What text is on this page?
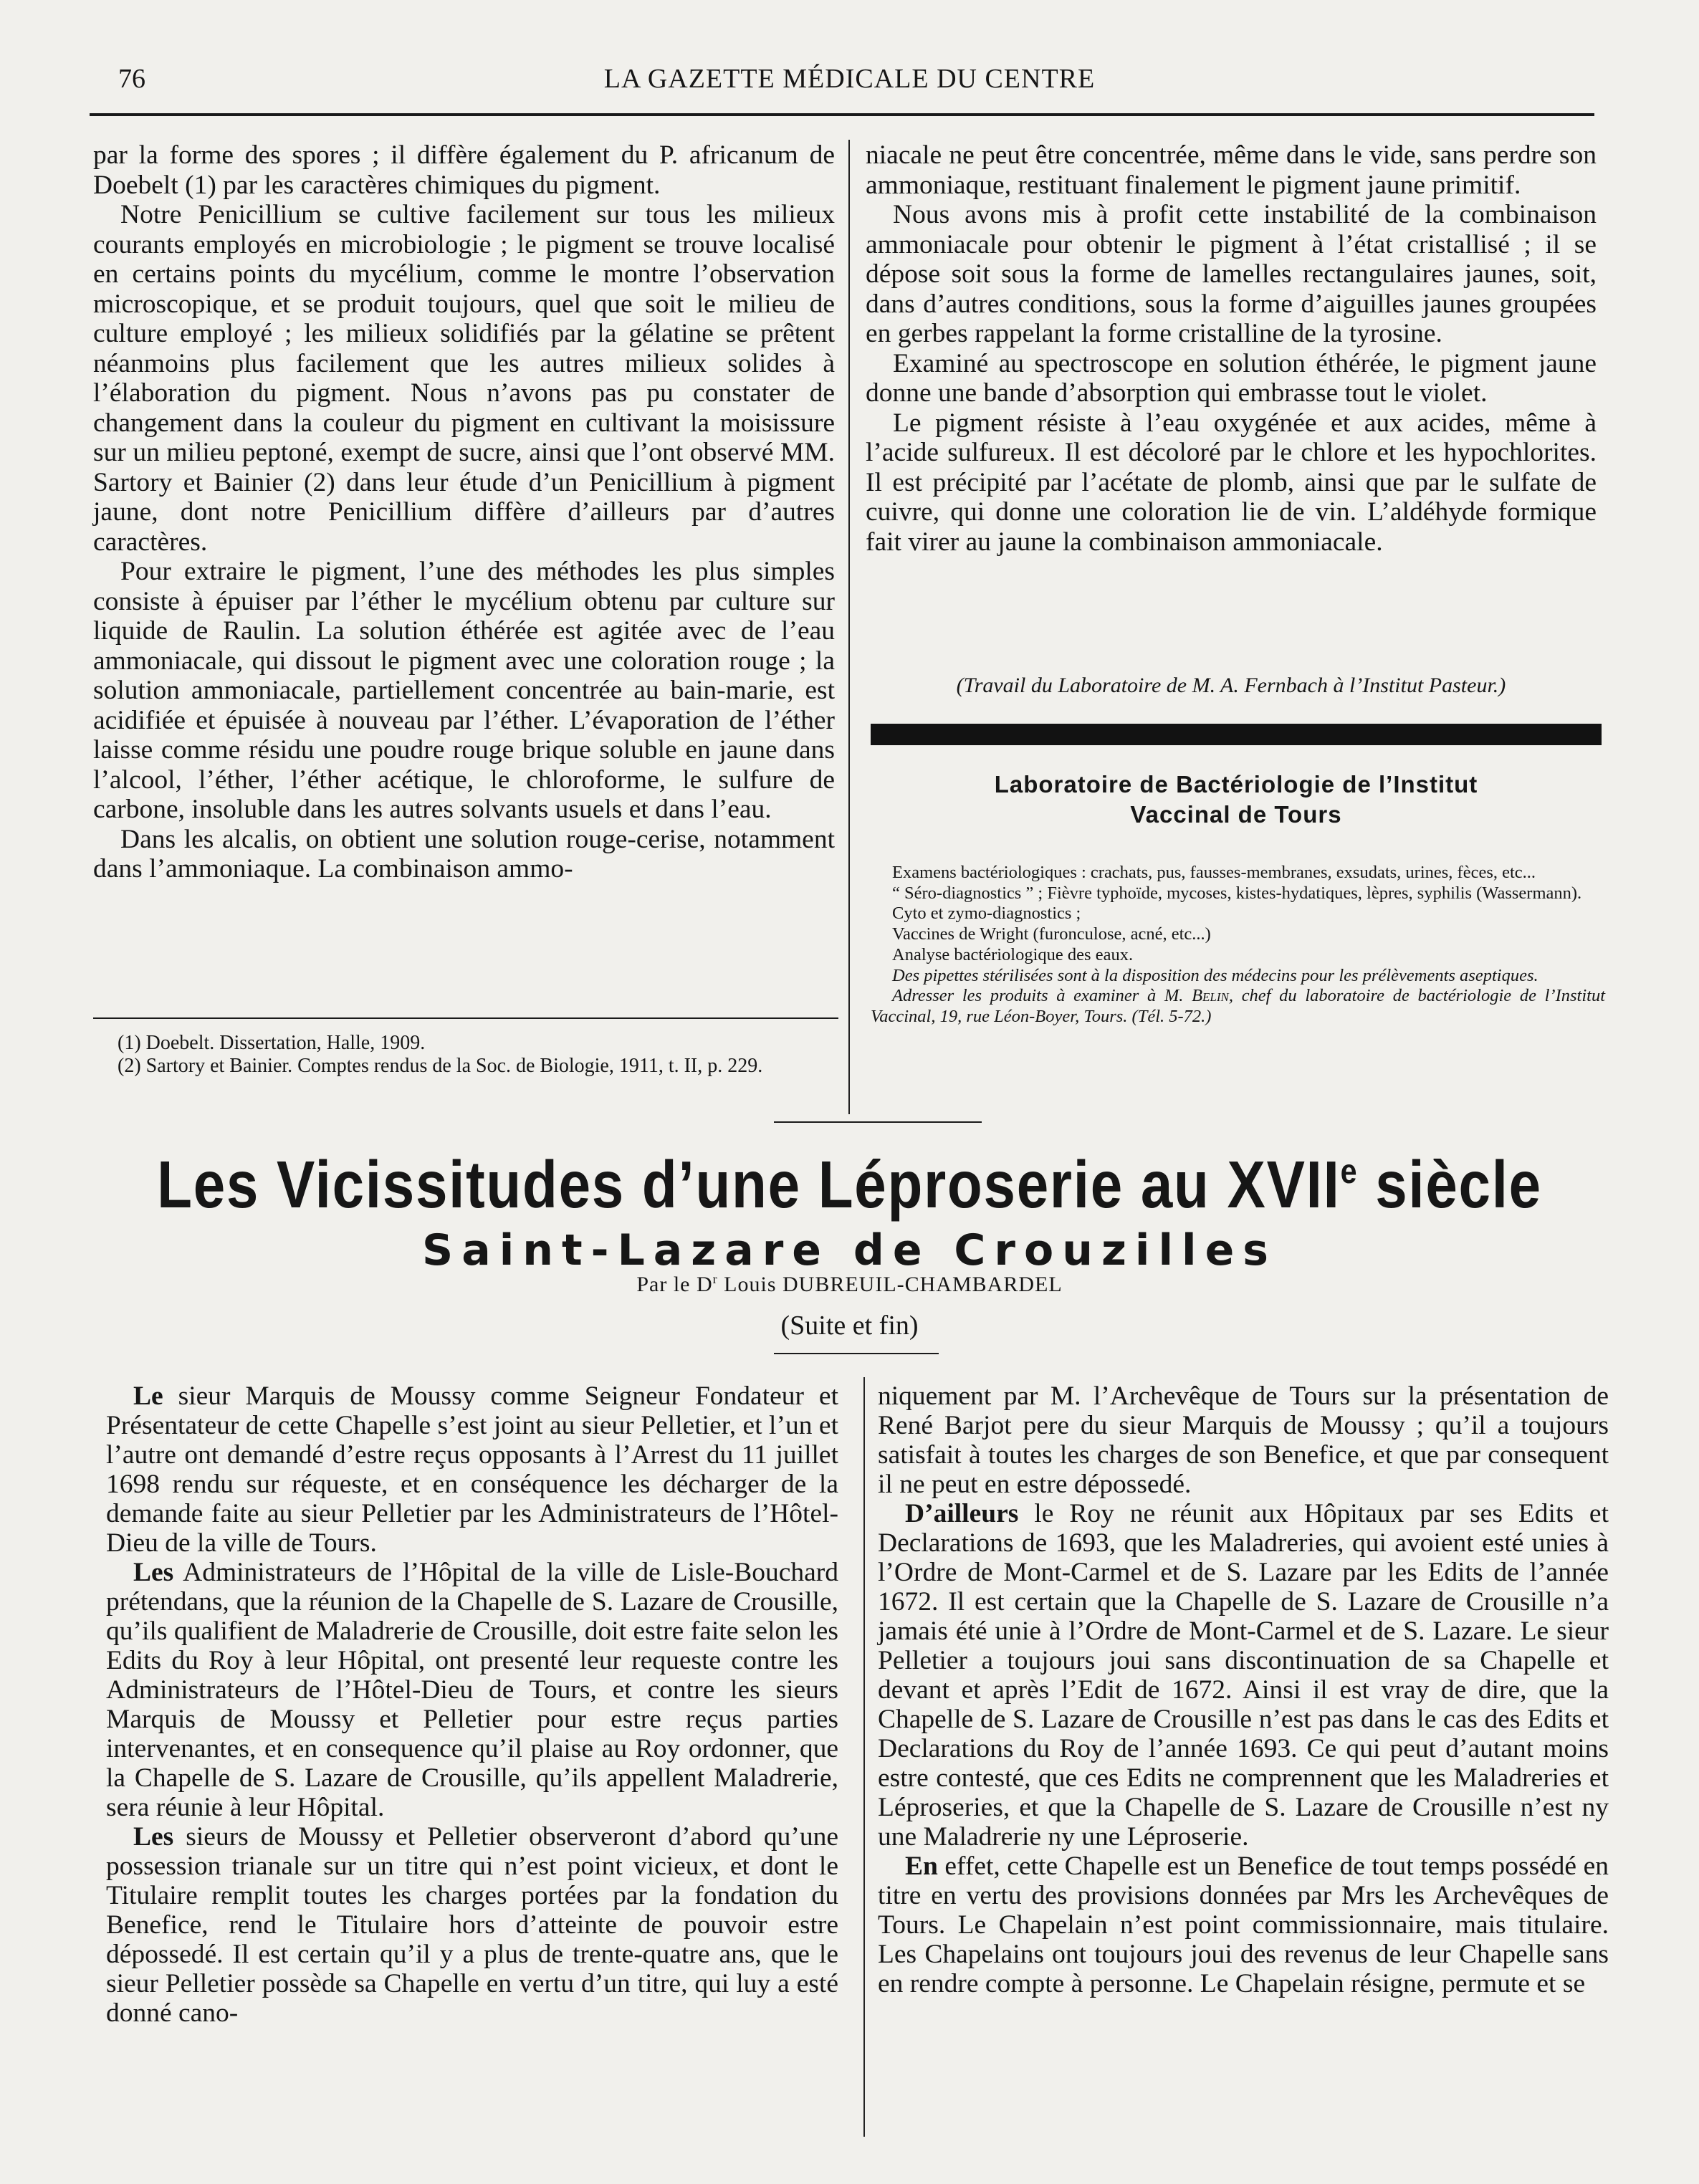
76	LA GAZETTE MÉDICALE DU CENTRE

par la forme des spores ; il diffère également du P. africanum de Doebelt (1) par les caractères chimiques du pigment.

Notre Penicillium se cultive facilement sur tous les milieux courants employés en microbiologie ; le pigment se trouve localisé en certains points du mycélium, comme le montre l’observation microscopique, et se produit toujours, quel que soit le milieu de culture employé ; les milieux solidifiés par la gélatine se prêtent néanmoins plus facilement que les autres milieux solides à l’élaboration du pigment. Nous n’avons pas pu constater de changement dans la couleur du pigment en cultivant la moisissure sur un milieu peptoné, exempt de sucre, ainsi que l’ont observé MM. Sartory et Bainier (2) dans leur étude d’un Penicillium à pigment jaune, dont notre Penicillium diffère d’ailleurs par d’autres caractères.

Pour extraire le pigment, l’une des méthodes les plus simples consiste à épuiser par l’éther le mycélium obtenu par culture sur liquide de Raulin. La solution éthérée est agitée avec de l’eau ammoniacale, qui dissout le pigment avec une coloration rouge ; la solution ammoniacale, partiellement concentrée au bain-marie, est acidifiée et épuisée à nouveau par l’éther. L’évaporation de l’éther laisse comme résidu une poudre rouge brique soluble en jaune dans l’alcool, l’éther, l’éther acétique, le chloroforme, le sulfure de carbone, insoluble dans les autres solvants usuels et dans l’eau.

Dans les alcalis, on obtient une solution rouge-cerise, notamment dans l’ammoniaque. La combinaison ammo-

niacale ne peut être concentrée, même dans le vide, sans perdre son ammoniaque, restituant finalement le pigment jaune primitif.

Nous avons mis à profit cette instabilité de la combinaison ammoniacale pour obtenir le pigment à l’état cristallisé ; il se dépose soit sous la forme de lamelles rectangulaires jaunes, soit, dans d’autres conditions, sous la forme d’aiguilles jaunes groupées en gerbes rappelant la forme cristalline de la tyrosine.

Examiné au spectroscope en solution éthérée, le pigment jaune donne une bande d’absorption qui embrasse tout le violet.

Le pigment résiste à l’eau oxygénée et aux acides, même à l’acide sulfureux. Il est décoloré par le chlore et les hypochlorites. Il est précipité par l’acétate de plomb, ainsi que par le sulfate de cuivre, qui donne une coloration lie de vin. L’aldéhyde formique fait virer au jaune la combinaison ammoniacale.

(Travail du Laboratoire de M. A. Fernbach à l’Institut Pasteur.)

(1) Doebelt. Dissertation, Halle, 1909.

(2) Sartory et Bainier. Comptes rendus de la Soc. de Biologie, 1911, t. II, p. 229.

Laboratoire de Bactériologie de l’Institut
Vaccinal de Tours

Examens bactériologiques : crachats, pus, fausses-membranes, exsudats, urines, fèces, etc...

“ Séro-diagnostics ” ; Fièvre typhoïde, mycoses, kistes-hydatiques, lèpres, syphilis (Wassermann).

Cyto et zymo-diagnostics ;

Vaccines de Wright (furonculose, acné, etc...)

Analyse bactériologique des eaux.

Des pipettes stérilisées sont à la disposition des médecins pour les prélèvements aseptiques.

Adresser les produits à examiner à M. Belin, chef du laboratoire de bactériologie de l’Institut Vaccinal, 19, rue Léon-Boyer, Tours. (Tél. 5-72.)

Les Vicissitudes d’une Léproserie au XVIIe siècle
Saint-Lazare de Crouzilles
Par le $D^r$ Louis DUBREUIL-CHAMBARDEL
(Suite et fin)

Le sieur Marquis de Moussy comme Seigneur Fondateur et Présentateur de cette Chapelle s’est joint au sieur Pelletier, et l’un et l’autre ont demandé d’estre reçus opposants à l’Arrest du 11 juillet 1698 rendu sur réqueste, et en conséquence les décharger de la demande faite au sieur Pelletier par les Administrateurs de l’Hôtel-Dieu de la ville de Tours.

Les Administrateurs de l’Hôpital de la ville de Lisle-Bouchard prétendans, que la réunion de la Chapelle de S. Lazare de Crousille, qu’ils qualifient de Maladrerie de Crousille, doit estre faite selon les Edits du Roy à leur Hôpital, ont presenté leur requeste contre les Administrateurs de l’Hôtel-Dieu de Tours, et contre les sieurs Marquis de Moussy et Pelletier pour estre reçus parties intervenantes, et en consequence qu’il plaise au Roy ordonner, que la Chapelle de S. Lazare de Crousille, qu’ils appellent Maladrerie, sera réunie à leur Hôpital.

Les sieurs de Moussy et Pelletier observeront d’abord qu’une possession trianale sur un titre qui n’est point vicieux, et dont le Titulaire remplit toutes les charges portées par la fondation du Benefice, rend le Titulaire hors d’atteinte de pouvoir estre dépossedé. Il est certain qu’il y a plus de trente-quatre ans, que le sieur Pelletier possède sa Chapelle en vertu d’un titre, qui luy a esté donné cano-

niquement par M. l’Archevêque de Tours sur la présentation de René Barjot pere du sieur Marquis de Moussy ; qu’il a toujours satisfait à toutes les charges de son Benefice, et que par consequent il ne peut en estre dépossedé.

D’ailleurs le Roy ne réunit aux Hôpitaux par ses Edits et Declarations de 1693, que les Maladreries, qui avoient esté unies à l’Ordre de Mont-Carmel et de S. Lazare par les Edits de l’année 1672. Il est certain que la Chapelle de S. Lazare de Crousille n’a jamais été unie à l’Ordre de Mont-Carmel et de S. Lazare. Le sieur Pelletier a toujours joui sans discontinuation de sa Chapelle et devant et après l’Edit de 1672. Ainsi il est vray de dire, que la Chapelle de S. Lazare de Crousille n’est pas dans le cas des Edits et Declarations du Roy de l’année 1693. Ce qui peut d’autant moins estre contesté, que ces Edits ne comprennent que les Maladreries et Léproseries, et que la Chapelle de S. Lazare de Crousille n’est ny une Maladrerie ny une Léproserie.

En effet, cette Chapelle est un Benefice de tout temps possédé en titre en vertu des provisions données par Mrs les Archevêques de Tours. Le Chapelain n’est point commissionnaire, mais titulaire. Les Chapelains ont toujours joui des revenus de leur Chapelle sans en rendre compte à personne. Le Chapelain résigne, permute et se
